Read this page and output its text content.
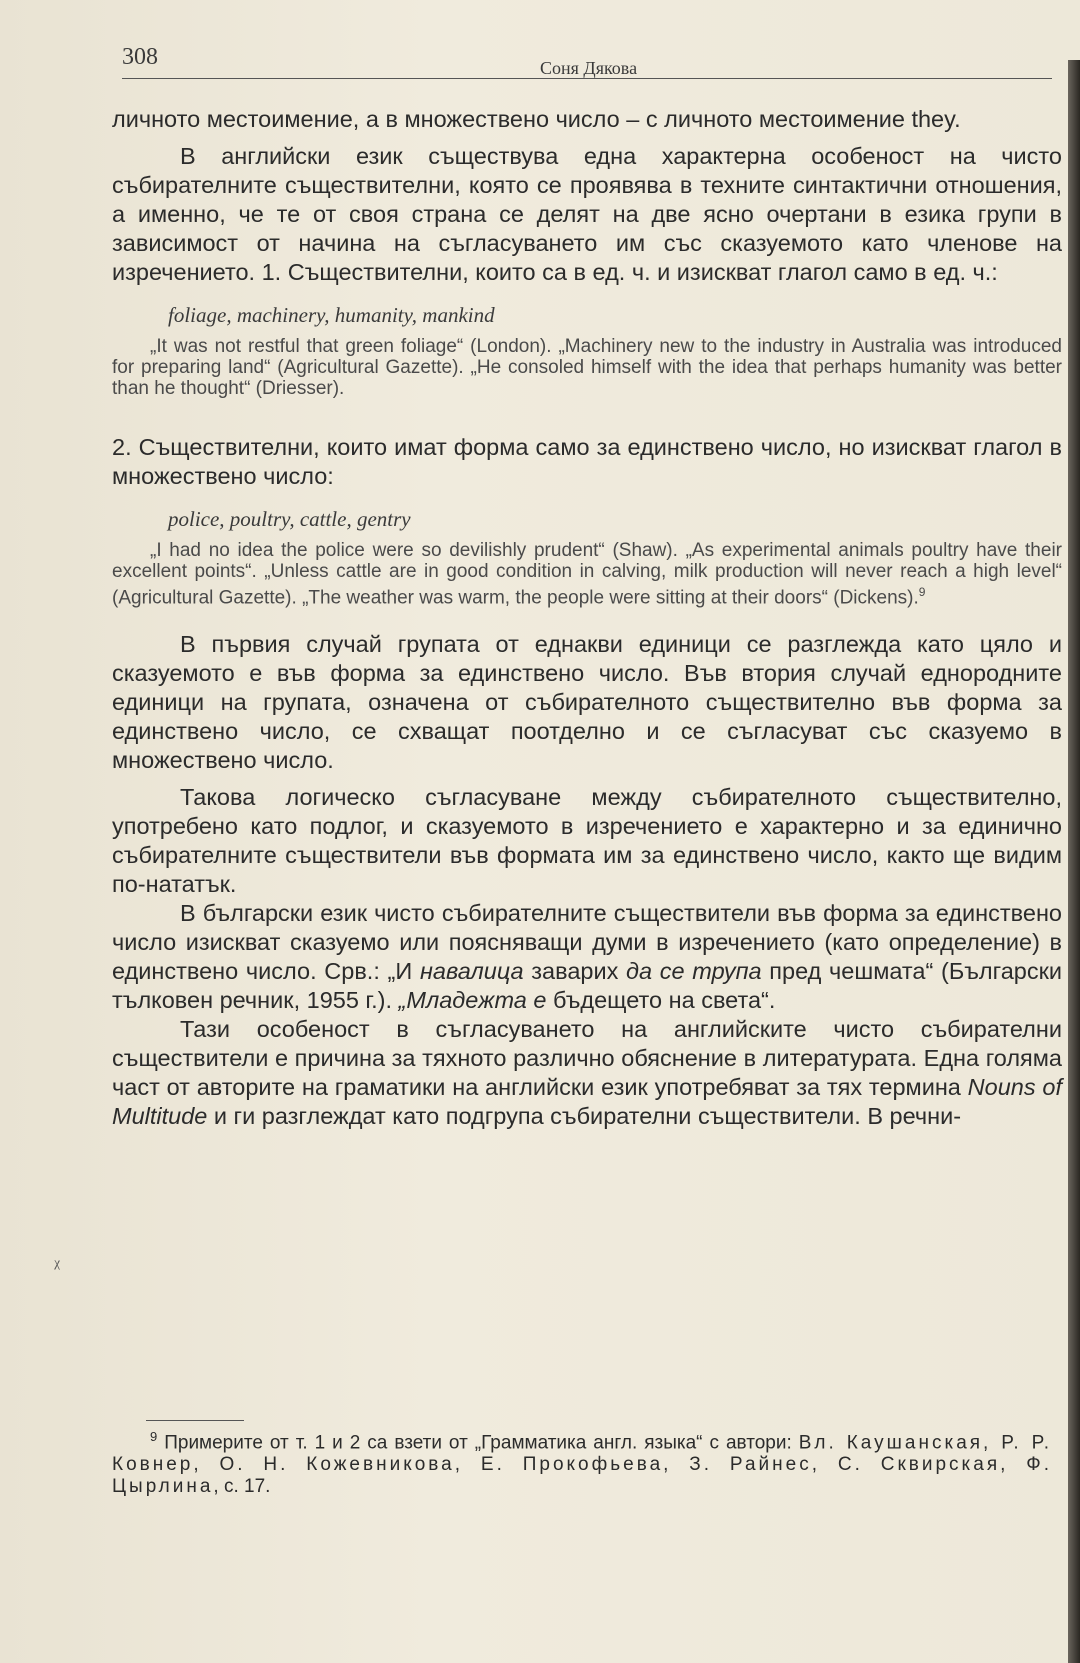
308	Соня Дякова
ᵡ

личното местоимение, а в множествено число – с личното местоимение they.

В английски език съществува една характерна особеност на чисто събирателните съществителни, която се проявява в техните синтактични отношения, а именно, че те от своя страна се делят на две ясно очертани в езика групи в зависимост от начина на съгласуването им със сказуемото като членове на изречението. 1. Съществителни, които са в ед. ч. и изискват глагол само в ед. ч.:

foliage, machinery, humanity, mankind

„It was not restful that green foliage“ (London). „Machinery new to the industry in Australia was introduced for preparing land“ (Agricultural Gazette). „He consoled himself with the idea that perhaps humanity was better than he thought“ (Driesser).

2. Съществителни, които имат форма само за единствено число, но изискват глагол в множествено число:

police, poultry, cattle, gentry

„I had no idea the police were so devilishly prudent“ (Shaw). „As experimental animals poultry have their excellent points“. „Unless cattle are in good condition in calving, milk production will never reach a high level“ (Agricultural Gazette). „The weather was warm, the people were sitting at their doors“ (Dickens).$^9$

В първия случай групата от еднакви единици се разглежда като цяло и сказуемото е във форма за единствено число. Във втория случай еднородните единици на групата, означена от събирателното съществително във форма за единствено число, се схващат поотделно и се съгласуват със сказуемо в множествено число.

Такова логическо съгласуване между събирателното съществително, употребено като подлог, и сказуемото в изречението е характерно и за единично събирателните съществители във формата им за единствено число, както ще видим по-нататък.

В български език чисто събирателните съществители във форма за единствено число изискват сказуемо или поясняващи думи в изречението (като определение) в единствено число. Срв.: „И навалица заварих да се трупа пред чешмата“ (Български тълковен речник, 1955 г.). „Младежта е бъдещето на света“.

Тази особеност в съгласуването на английските чисто събирателни съществители е причина за тяхното различно обяснение в литературата. Една голяма част от авторите на граматики на английски език употребяват за тях термина Nouns of Multitude и ги разглеждат като подгрупа събирателни съществители. В речни-

$^9$ Примерите от т. 1 и 2 са взети от „Грамматика англ. языка“ с автори: Вл. Каушанская, Р. Р. Ковнер, О. Н. Кожевникова, Е. Прокофьева, З. Райнес, С. Сквирская, Ф. Цырлина, с. 17.
